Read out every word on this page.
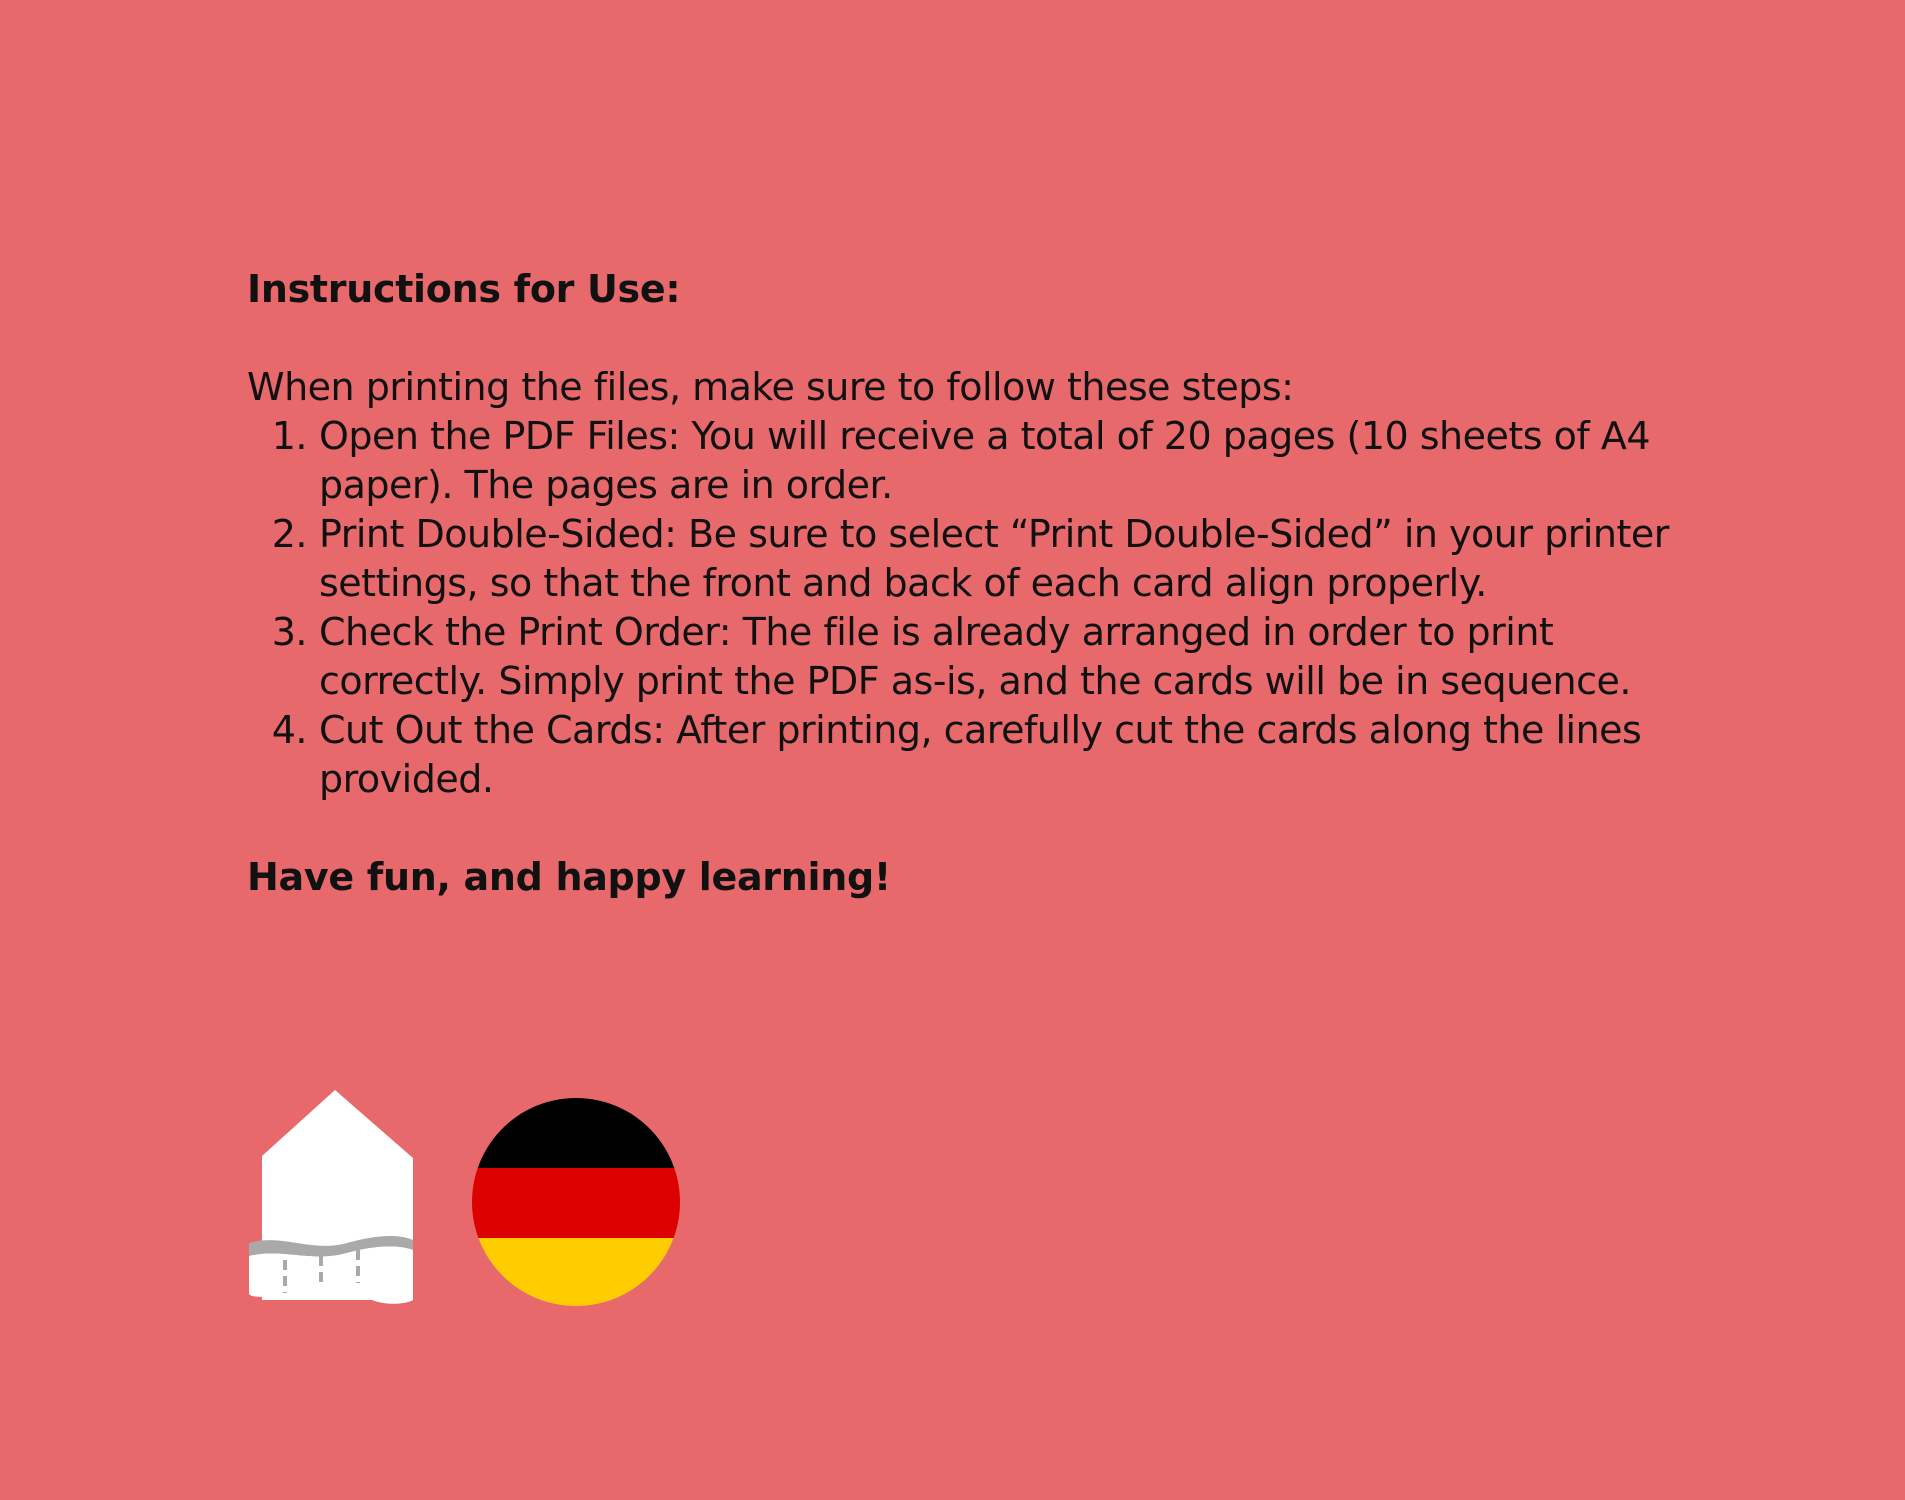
Instructions for Use:

When printing the files, make sure to follow these steps:

1. Open the PDF Files: You will receive a total of 20 pages (10 sheets of A4 paper). The pages are in order.
2. Print Double-Sided: Be sure to select “Print Double-Sided” in your printer settings, so that the front and back of each card align properly.
3. Check the Print Order: The file is already arranged in order to print correctly. Simply print the PDF as-is, and the cards will be in sequence.
4. Cut Out the Cards: After printing, carefully cut the cards along the lines provided.

Have fun, and happy learning!
